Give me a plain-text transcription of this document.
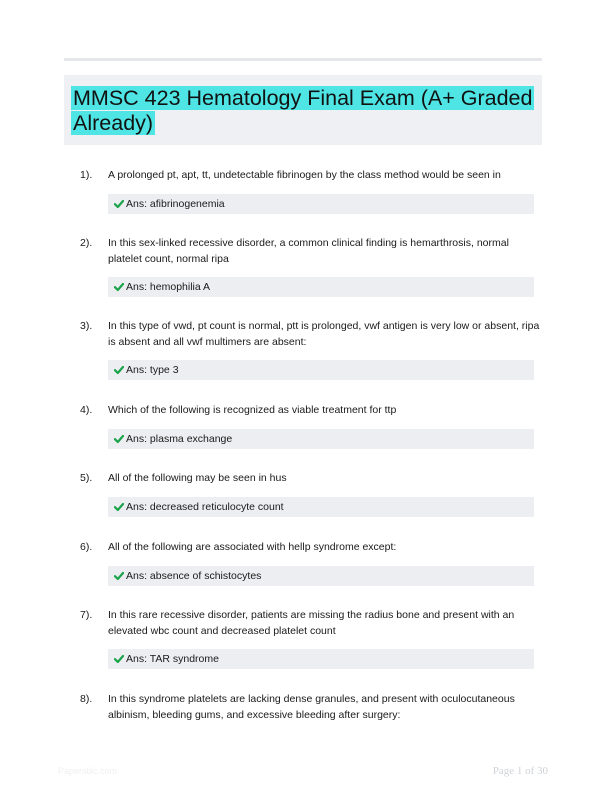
MMSC 423 Hematology Final Exam (A+ Graded Already)
1). A prolonged pt, apt, tt, undetectable fibrinogen by the class method would be seen in
Ans: afibrinogenemia
2). In this sex-linked recessive disorder, a common clinical finding is hemarthrosis, normal platelet count, normal ripa
Ans: hemophilia A
3). In this type of vwd, pt count is normal, ptt is prolonged, vwf antigen is very low or absent, ripa is absent and all vwf multimers are absent:
Ans: type 3
4). Which of the following is recognized as viable treatment for ttp
Ans: plasma exchange
5). All of the following may be seen in hus
Ans: decreased reticulocyte count
6). All of the following are associated with hellp syndrome except:
Ans: absence of schistocytes
7). In this rare recessive disorder, patients are missing the radius bone and present with an elevated wbc count and decreased platelet count
Ans: TAR syndrome
8). In this syndrome platelets are lacking dense granules, and present with oculocutaneous albinism, bleeding gums, and excessive bleeding after surgery:
Paperstlic.com	Page 1 of 30
